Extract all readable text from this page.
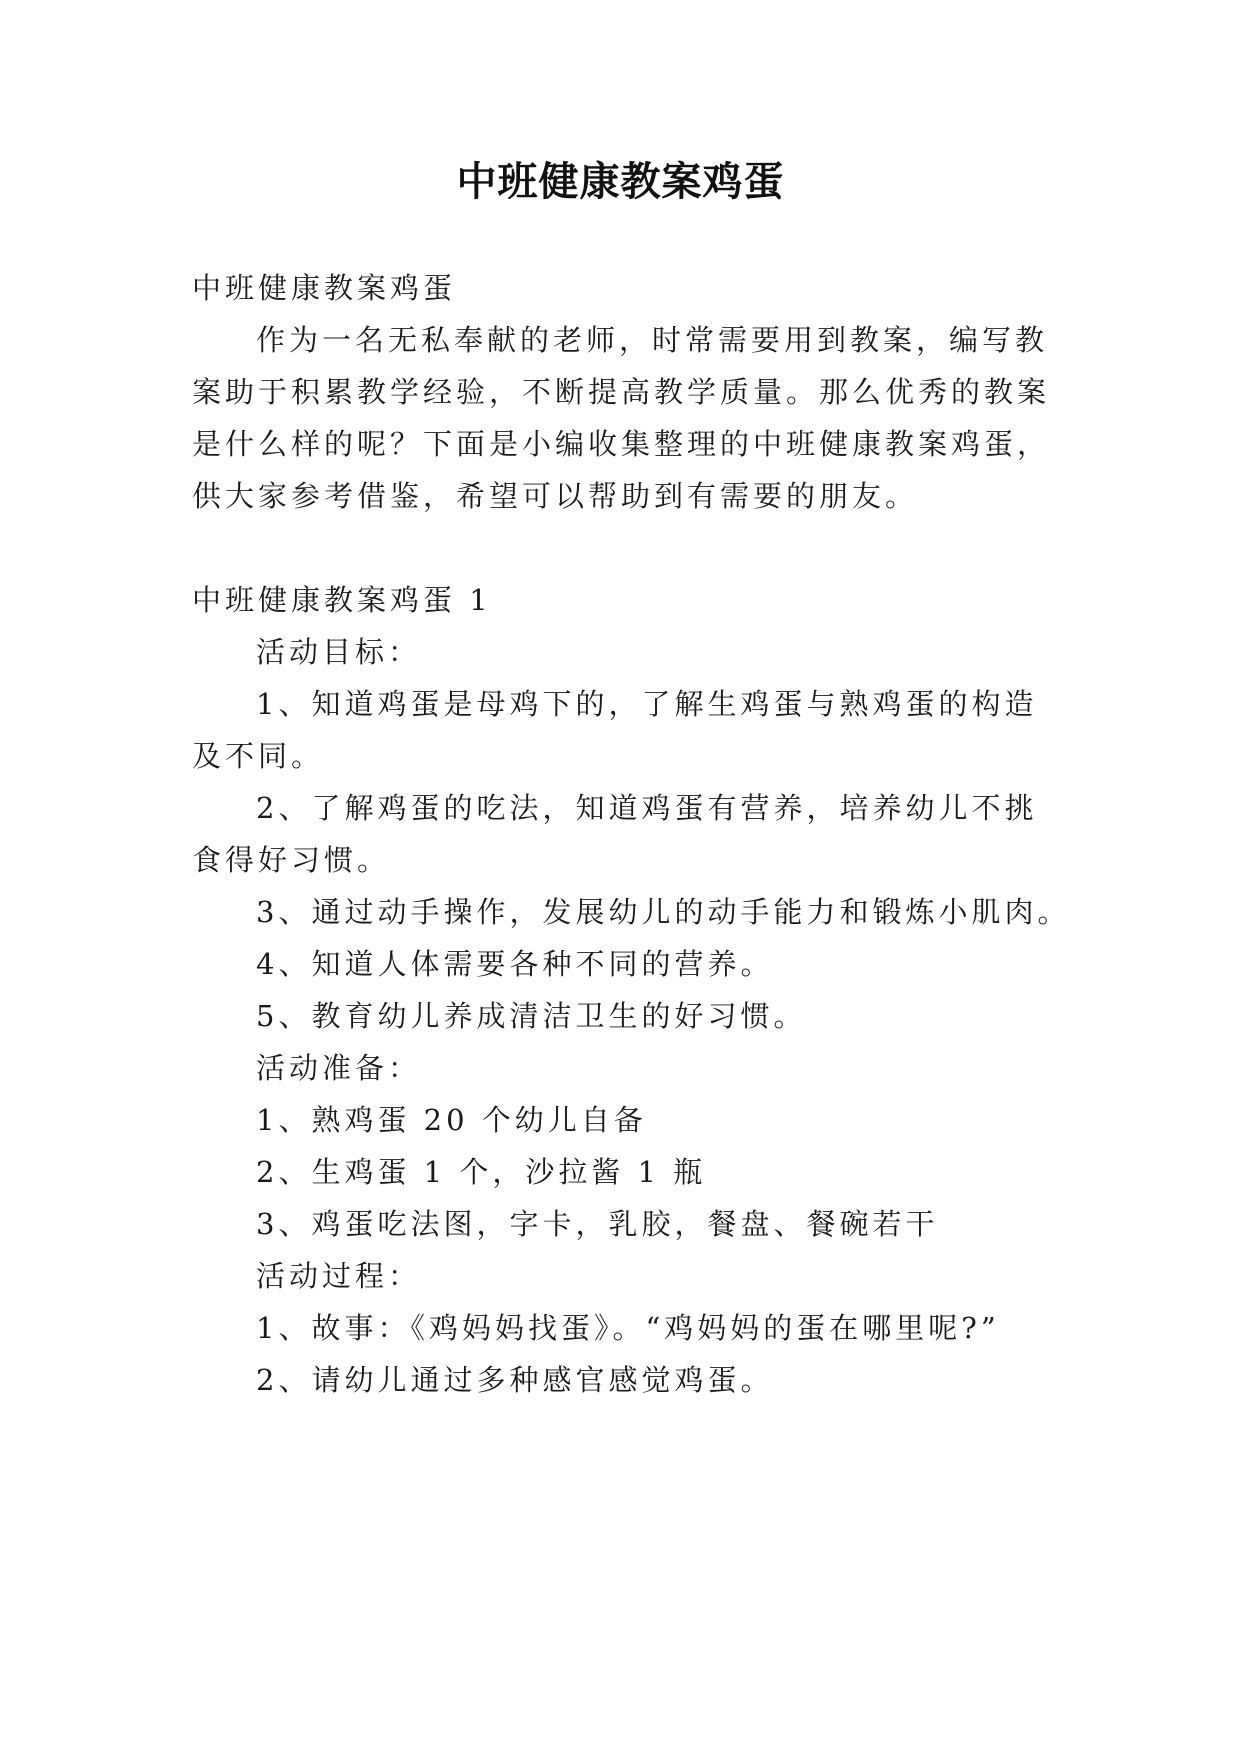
中班健康教案鸡蛋
中班健康教案鸡蛋
作为一名无私奉献的老师，时常需要用到教案，编写教
案助于积累教学经验，不断提高教学质量。那么优秀的教案
是什么样的呢？下面是小编收集整理的中班健康教案鸡蛋，
供大家参考借鉴，希望可以帮助到有需要的朋友。
中班健康教案鸡蛋 1
活动目标：
1、知道鸡蛋是母鸡下的，了解生鸡蛋与熟鸡蛋的构造
及不同。
2、了解鸡蛋的吃法，知道鸡蛋有营养，培养幼儿不挑
食得好习惯。
3、通过动手操作，发展幼儿的动手能力和锻炼小肌肉。
4、知道人体需要各种不同的营养。
5、教育幼儿养成清洁卫生的好习惯。
活动准备：
1、熟鸡蛋 20 个幼儿自备
2、生鸡蛋 1 个，沙拉酱 1 瓶
3、鸡蛋吃法图，字卡，乳胶，餐盘、餐碗若干
活动过程：
1、故事：《鸡妈妈找蛋》。“鸡妈妈的蛋在哪里呢?”
2、请幼儿通过多种感官感觉鸡蛋。
